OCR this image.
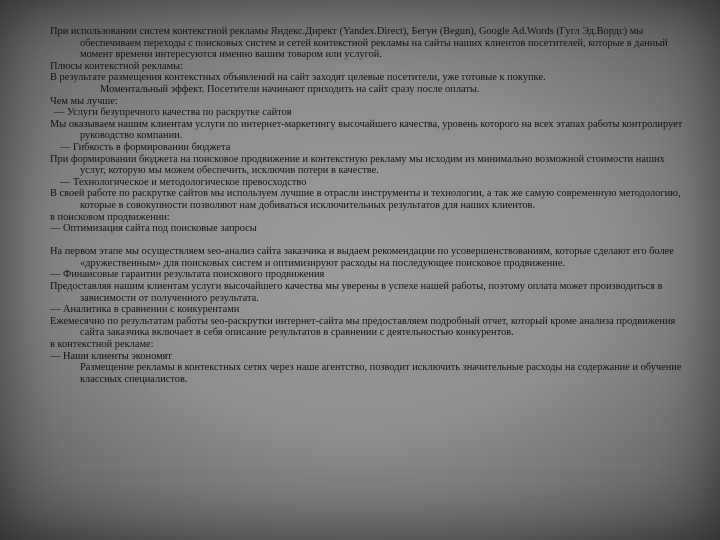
При использовании систем контекстной рекламы Яндекс.Директ (Yandex.Direct), Бегун (Begun), Google Ad.Words (Гугл Эд.Вордс) мы обеспечиваем переходы с поисковых систем и сетей контекстной рекламы на сайты наших клиентов посетителей, которые в данный момент времени интересуются именно вашим товаром или услугой.

Плюсы контекстной рекламы:

В результате размещения контекстных объявлений на сайт заходят целевые посетители, уже готовые к покупке.

Моментальный эффект. Посетители начинают приходить на сайт сразу после оплаты.

Чем мы лучше:

— Услуги безупречного качества по раскрутке сайтов

Мы оказываем нашим клиентам услуги по интернет-маркетингу высочайшего качества, уровень которого на всех этапах работы контролирует руководство компании.

— Гибкость в формировании бюджета

При формировании бюджета на поисковое продвижение и контекстную рекламу мы исходим из минимально возможной стоимости наших услуг, которую мы можем обеспечить, исключив потери в качестве.

— Технологическое и методологическое превосходство

В своей работе по раскрутке сайтов мы используем лучшие в отрасли инструменты и технологии, а так же самую современную методологию, которые в совокупности позволяют нам добиваться исключительных результатов для наших клиентов.

в поисковом продвижении:

— Оптимизация сайта под поисковые запросы

На первом этапе мы осуществляем seo-анализ сайта заказчика и выдаем рекомендации по усовершенствованиям, которые сделают его более «дружественным» для поисковых систем и оптимизируют расходы на последующее поисковое продвижение.

— Финансовые гарантии результата поискового продвижения

Предоставляя нашим клиентам услуги высочайшего качества мы уверены в успехе нашей работы, поэтому оплата может производиться в зависимости от полученного результата.

— Аналитика в сравнении с конкурентами

Ежемесячно по результатам работы seo-раскрутки интернет-сайта мы предоставляем подробный отчет, который кроме анализа продвижения сайта заказчика включает в себя описание результатов в сравнении с деятельностью конкурентов.

в контекстной рекламе:

— Наши клиенты экономят

Размещение рекламы в контекстных сетях через наше агентство, позводит исключить значительные расходы на содержание и обучение классных специалистов.
